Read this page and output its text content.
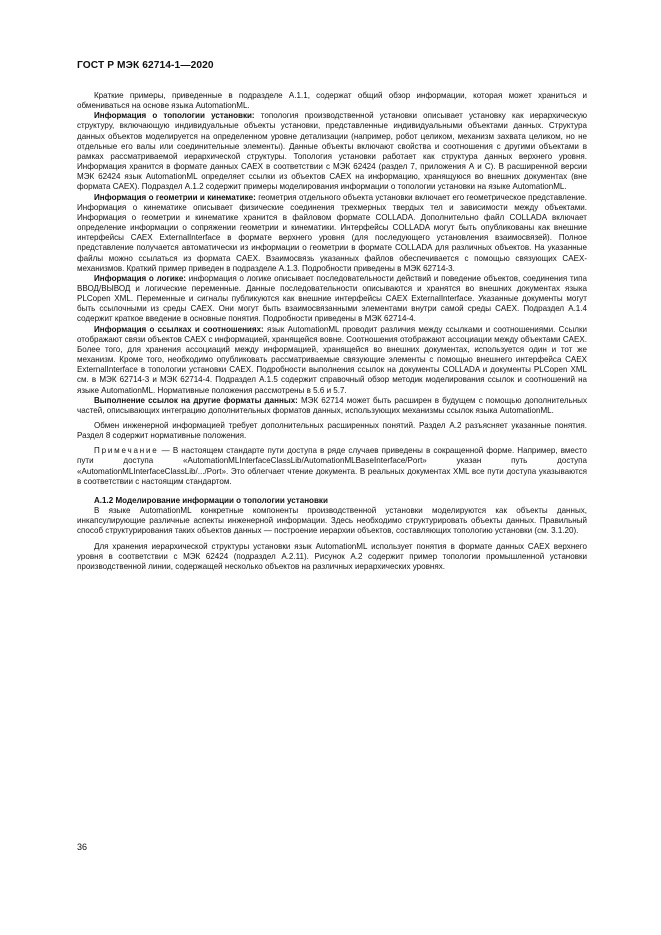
ГОСТ Р МЭК 62714-1—2020

Краткие примеры, приведенные в подразделе А.1.1, содержат общий обзор информации, которая может храниться и обмениваться на основе языка AutomationML.

Информация о топологии установки: топология производственной установки описывает установку как иерархическую структуру, включающую индивидуальные объекты установки, представленные индивидуальными объектами данных. Структура данных объектов моделируется на определенном уровне детализации (например, робот целиком, механизм захвата целиком, но не отдельные его валы или соединительные элементы). Данные объекты включают свойства и соотношения с другими объектами в рамках рассматриваемой иерархической структуры. Топология установки работает как структура данных верхнего уровня. Информация хранится в формате данных CAEX в соответствии с МЭК 62424 (раздел 7, приложения А и С). В расширенной версии МЭК 62424 язык AutomationML определяет ссылки из объектов CAEX на информацию, хранящуюся во внешних документах (вне формата CAEX). Подраздел А.1.2 содержит примеры моделирования информации о топологии установки на языке AutomationML.

Информация о геометрии и кинематике: геометрия отдельного объекта установки включает его геометрическое представление. Информация о кинематике описывает физические соединения трехмерных твердых тел и зависимости между объектами. Информация о геометрии и кинематике хранится в файловом формате COLLADA. Дополнительно файл COLLADA включает определение информации о сопряжении геометрии и кинематики. Интерфейсы COLLADA могут быть опубликованы как внешние интерфейсы CAEX ExternalInterface в формате верхнего уровня (для последующего установления взаимосвязей). Полное представление получается автоматически из информации о геометрии в формате COLLADA для различных объектов. На указанные файлы можно ссылаться из формата CAEX. Взаимосвязь указанных файлов обеспечивается с помощью связующих CAEX-механизмов. Краткий пример приведен в подразделе А.1.3. Подробности приведены в МЭК 62714-3.

Информация о логике: информация о логике описывает последовательности действий и поведение объектов, соединения типа ВВОД/ВЫВОД и логические переменные. Данные последовательности описываются и хранятся во внешних документах языка PLCopen XML. Переменные и сигналы публикуются как внешние интерфейсы CAEX ExternalInterface. Указанные документы могут быть ссылочными из среды CAEX. Они могут быть взаимосвязанными элементами внутри самой среды CAEX. Подраздел А.1.4 содержит краткое введение в основные понятия. Подробности приведены в МЭК 62714-4.

Информация о ссылках и соотношениях: язык AutomationML проводит различия между ссылками и соотношениями. Ссылки отображают связи объектов CAEX с информацией, хранящейся вовне. Соотношения отображают ассоциации между объектами CAEX. Более того, для хранения ассоциаций между информацией, хранящейся во внешних документах, используется один и тот же механизм. Кроме того, необходимо опубликовать рассматриваемые связующие элементы с помощью внешнего интерфейса CAEX ExternalInterface в топологии установки CAEX. Подробности выполнения ссылок на документы COLLADA и документы PLCopen XML см. в МЭК 62714-3 и МЭК 62714-4. Подраздел А.1.5 содержит справочный обзор методик моделирования ссылок и соотношений на языке AutomationML. Нормативные положения рассмотрены в 5.6 и 5.7.

Выполнение ссылок на другие форматы данных: МЭК 62714 может быть расширен в будущем с помощью дополнительных частей, описывающих интеграцию дополнительных форматов данных, использующих механизмы ссылок языка AutomationML.

Обмен инженерной информацией требует дополнительных расширенных понятий. Раздел А.2 разъясняет указанные понятия. Раздел 8 содержит нормативные положения.

Примечание — В настоящем стандарте пути доступа в ряде случаев приведены в сокращенной форме. Например, вместо пути доступа «AutomationMLInterfaceClassLib/AutomationMLBaseInterface/Port» указан путь доступа «AutomationMLInterfaceClassLib/.../Port». Это облегчает чтение документа. В реальных документах XML все пути доступа указываются в соответствии с настоящим стандартом.

А.1.2 Моделирование информации о топологии установки

В языке AutomationML конкретные компоненты производственной установки моделируются как объекты данных, инкапсулирующие различные аспекты инженерной информации. Здесь необходимо структурировать объекты данных. Правильный способ структурирования таких объектов данных — построение иерархии объектов, составляющих топологию установки (см. 3.1.20).

Для хранения иерархической структуры установки язык AutomationML использует понятия в формате данных CAEX верхнего уровня в соответствии с МЭК 62424 (подраздел А.2.11). Рисунок А.2 содержит пример топологии промышленной установки производственной линии, содержащей несколько объектов на различных иерархических уровнях.

36
